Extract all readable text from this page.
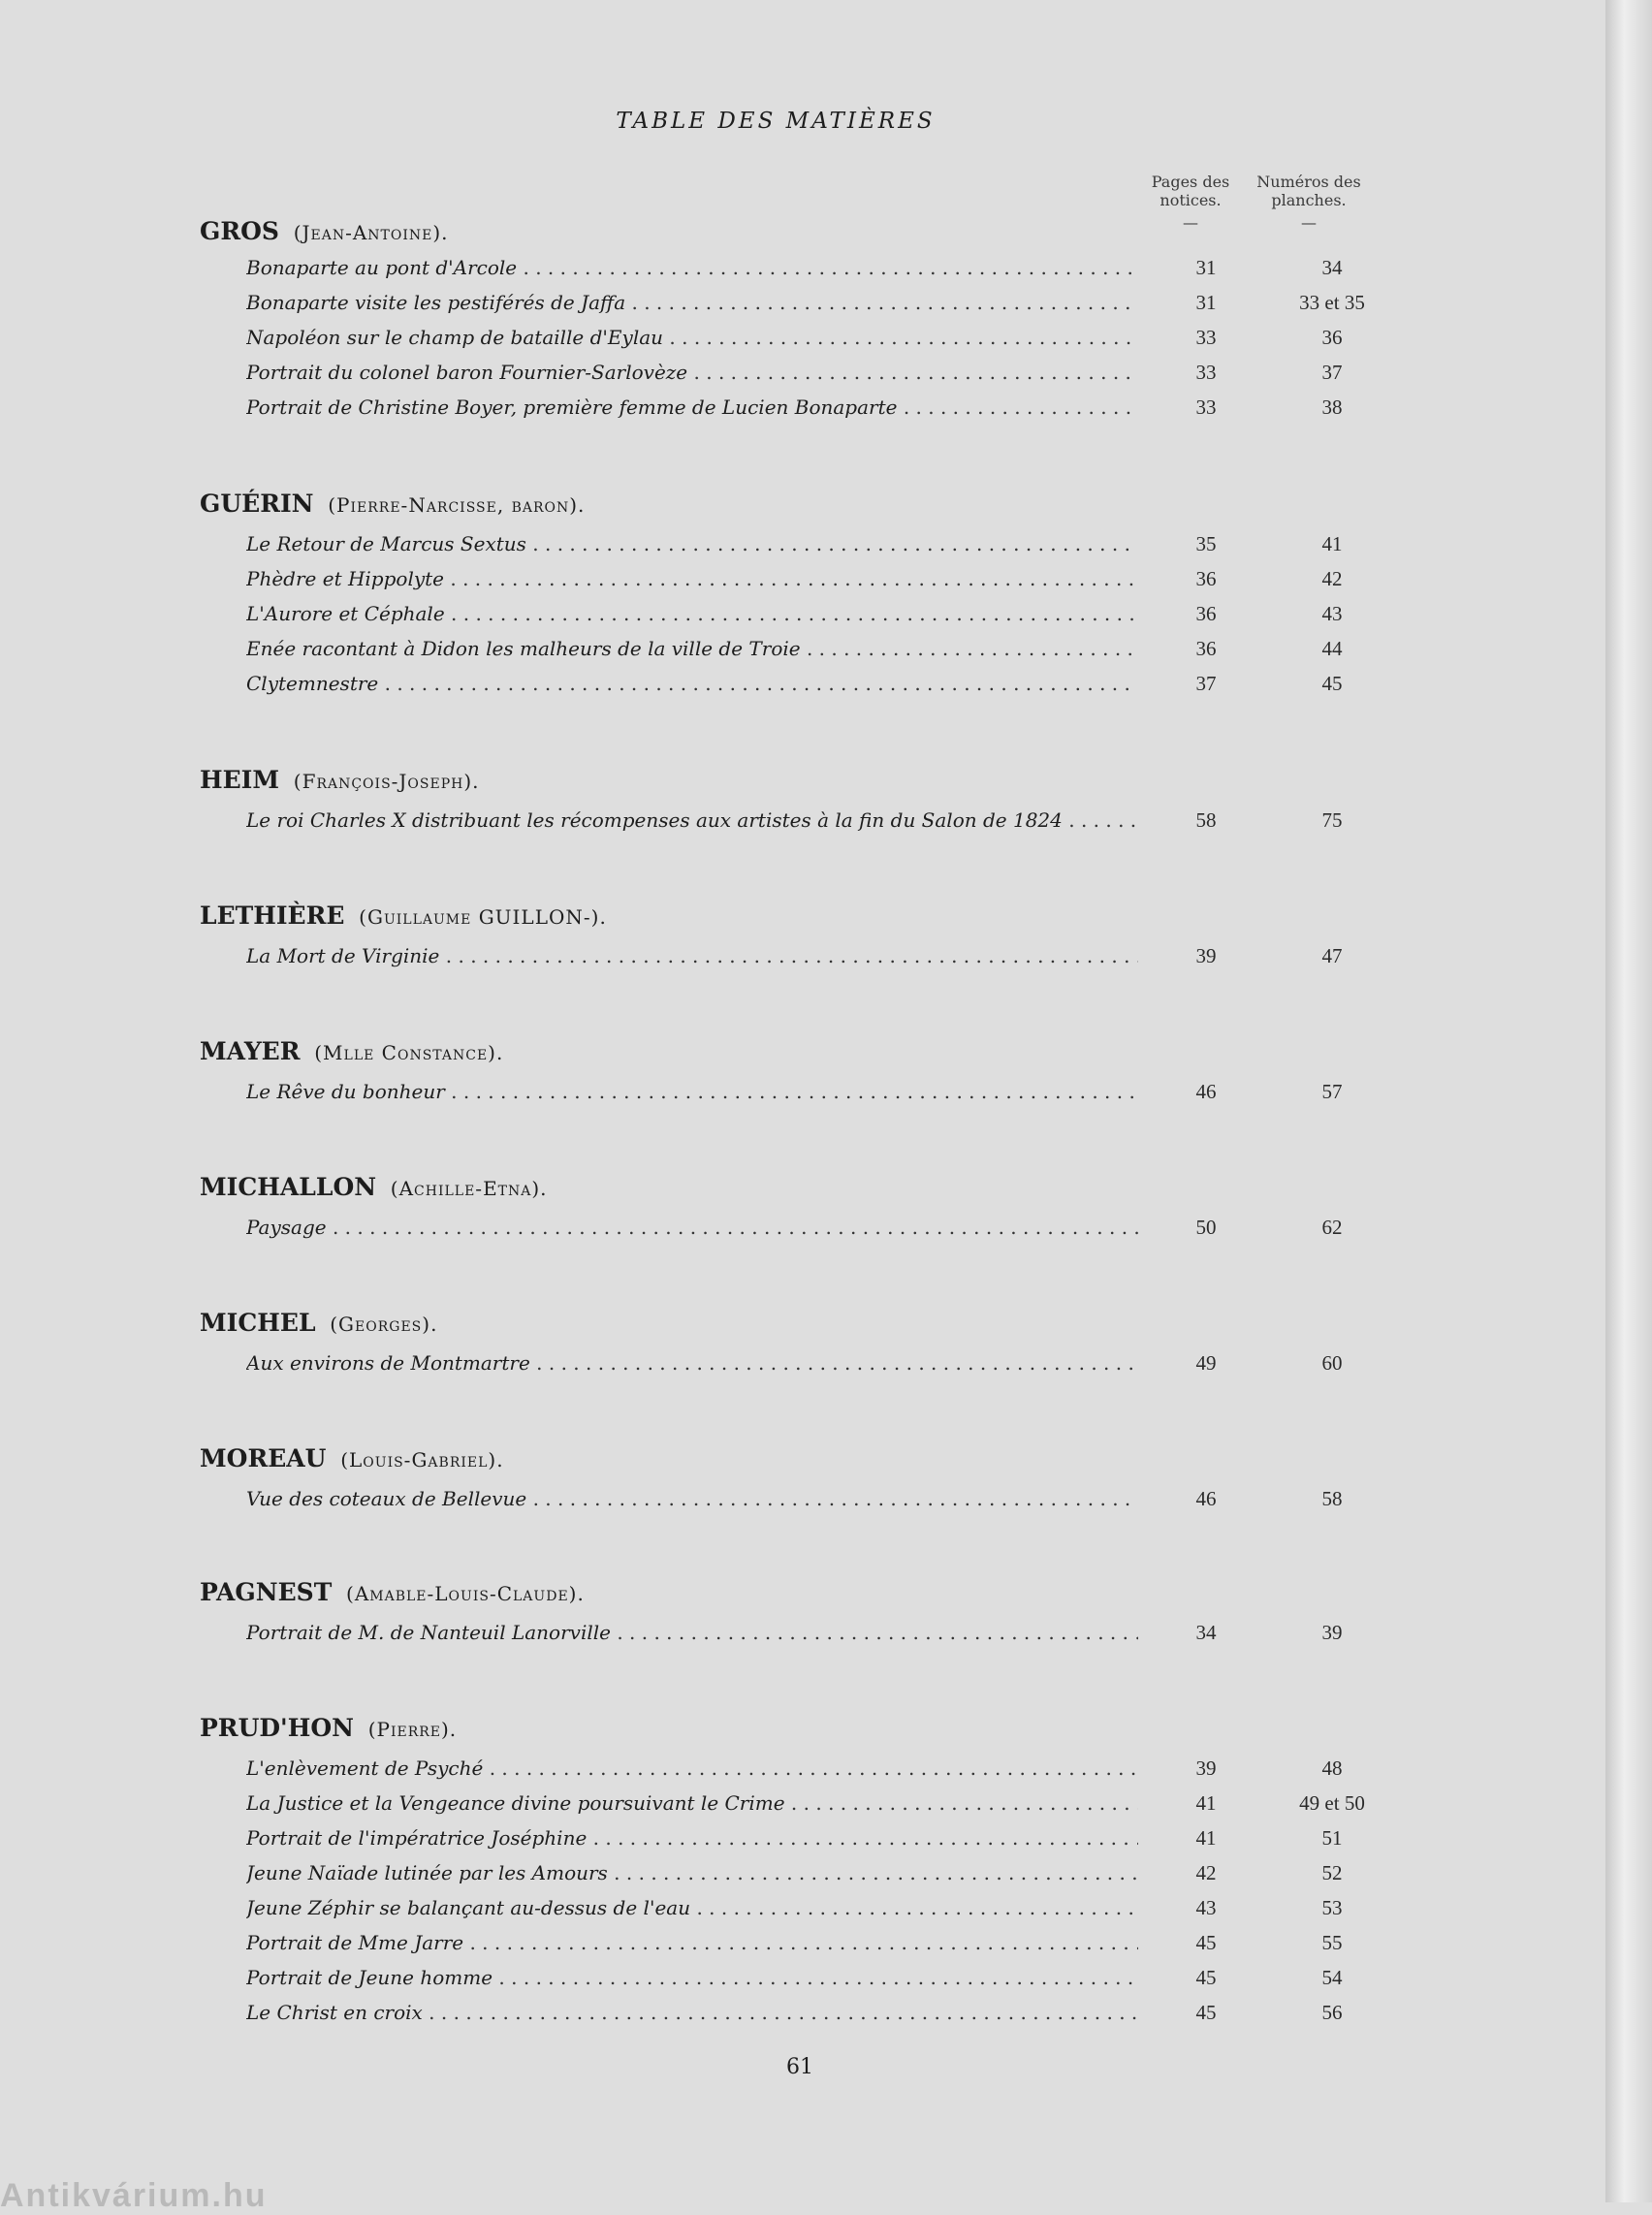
TABLE DES MATIÈRES
Pages des
notices.
—
Numéros des
planches.
—
GROS (Jean-Antoine).
Bonaparte au pont d'Arcole . . .	31	34
Bonaparte visite les pestiférés de Jaffa . . .	31	33 et 35
Napoléon sur le champ de bataille d'Eylau . . .	33	36
Portrait du colonel baron Fournier-Sarlovèze . . .	33	37
Portrait de Christine Boyer, première femme de Lucien Bonaparte . . .	33	38
GUÉRIN (Pierre-Narcisse, baron).
Le Retour de Marcus Sextus . . .	35	41
Phèdre et Hippolyte . . .	36	42
L'Aurore et Céphale . . .	36	43
Enée racontant à Didon les malheurs de la ville de Troie . . .	36	44
Clytemnestre . . .	37	45
HEIM (François-Joseph).
Le roi Charles X distribuant les récompenses aux artistes à la fin du Salon de 1824 . . .	58	75
LETHIÈRE (Guillaume GUILLON-).
La Mort de Virginie . . .	39	47
MAYER (Mlle Constance).
Le Rêve du bonheur . . .	46	57
MICHALLON (Achille-Etna).
Paysage . . .	50	62
MICHEL (Georges).
Aux environs de Montmartre . . .	49	60
MOREAU (Louis-Gabriel).
Vue des coteaux de Bellevue . . .	46	58
PAGNEST (Amable-Louis-Claude).
Portrait de M. de Nanteuil Lanorville . . .	34	39
PRUD'HON (Pierre).
L'enlèvement de Psyché . . .	39	48
La Justice et la Vengeance divine poursuivant le Crime . . .	41	49 et 50
Portrait de l'impératrice Joséphine . . .	41	51
Jeune Naïade lutinée par les Amours . . .	42	52
Jeune Zéphir se balançant au-dessus de l'eau . . .	43	53
Portrait de Mme Jarre . . .	45	55
Portrait de Jeune homme . . .	45	54
Le Christ en croix . . .	45	56
61
Antikvárium.hu
